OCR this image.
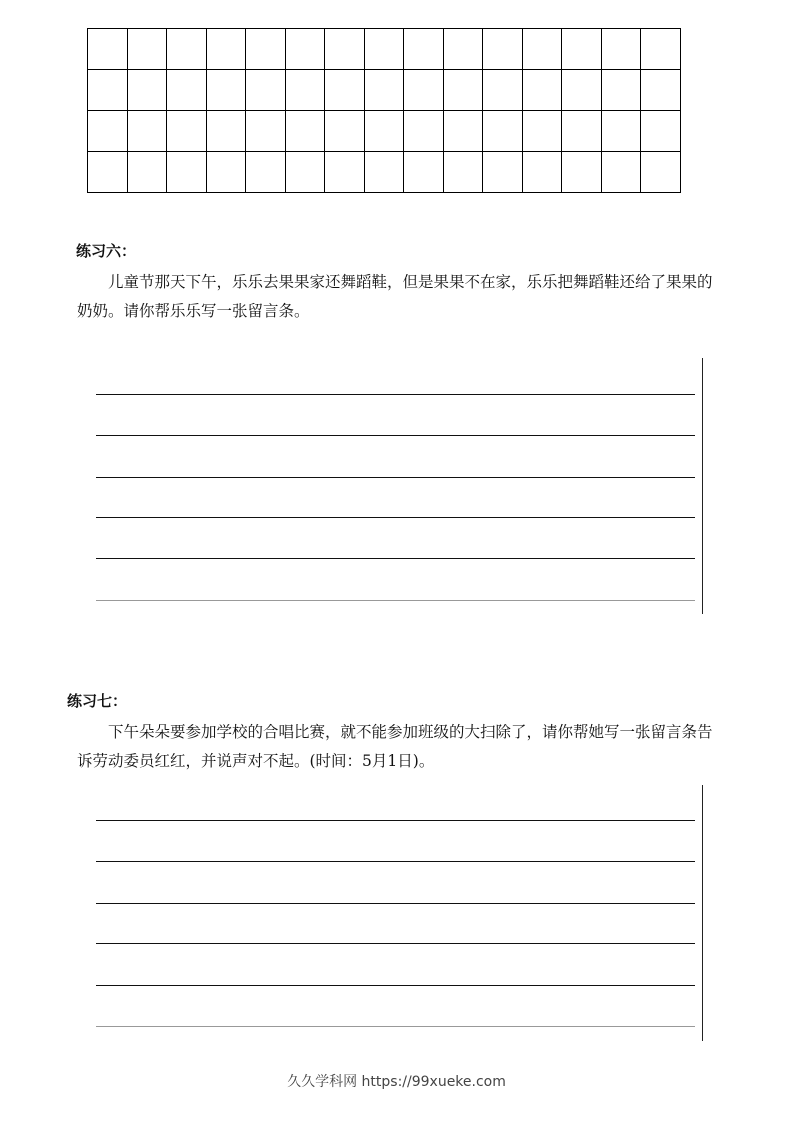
练习六：

儿童节那天下午，乐乐去果果家还舞蹈鞋，但是果果不在家，乐乐把舞蹈鞋还给了果果的奶奶。请你帮乐乐写一张留言条。

练习七：

下午朵朵要参加学校的合唱比赛，就不能参加班级的大扫除了，请你帮她写一张留言条告诉劳动委员红红，并说声对不起。(时间：5月1日)。

久久学科网 https://99xueke.com
